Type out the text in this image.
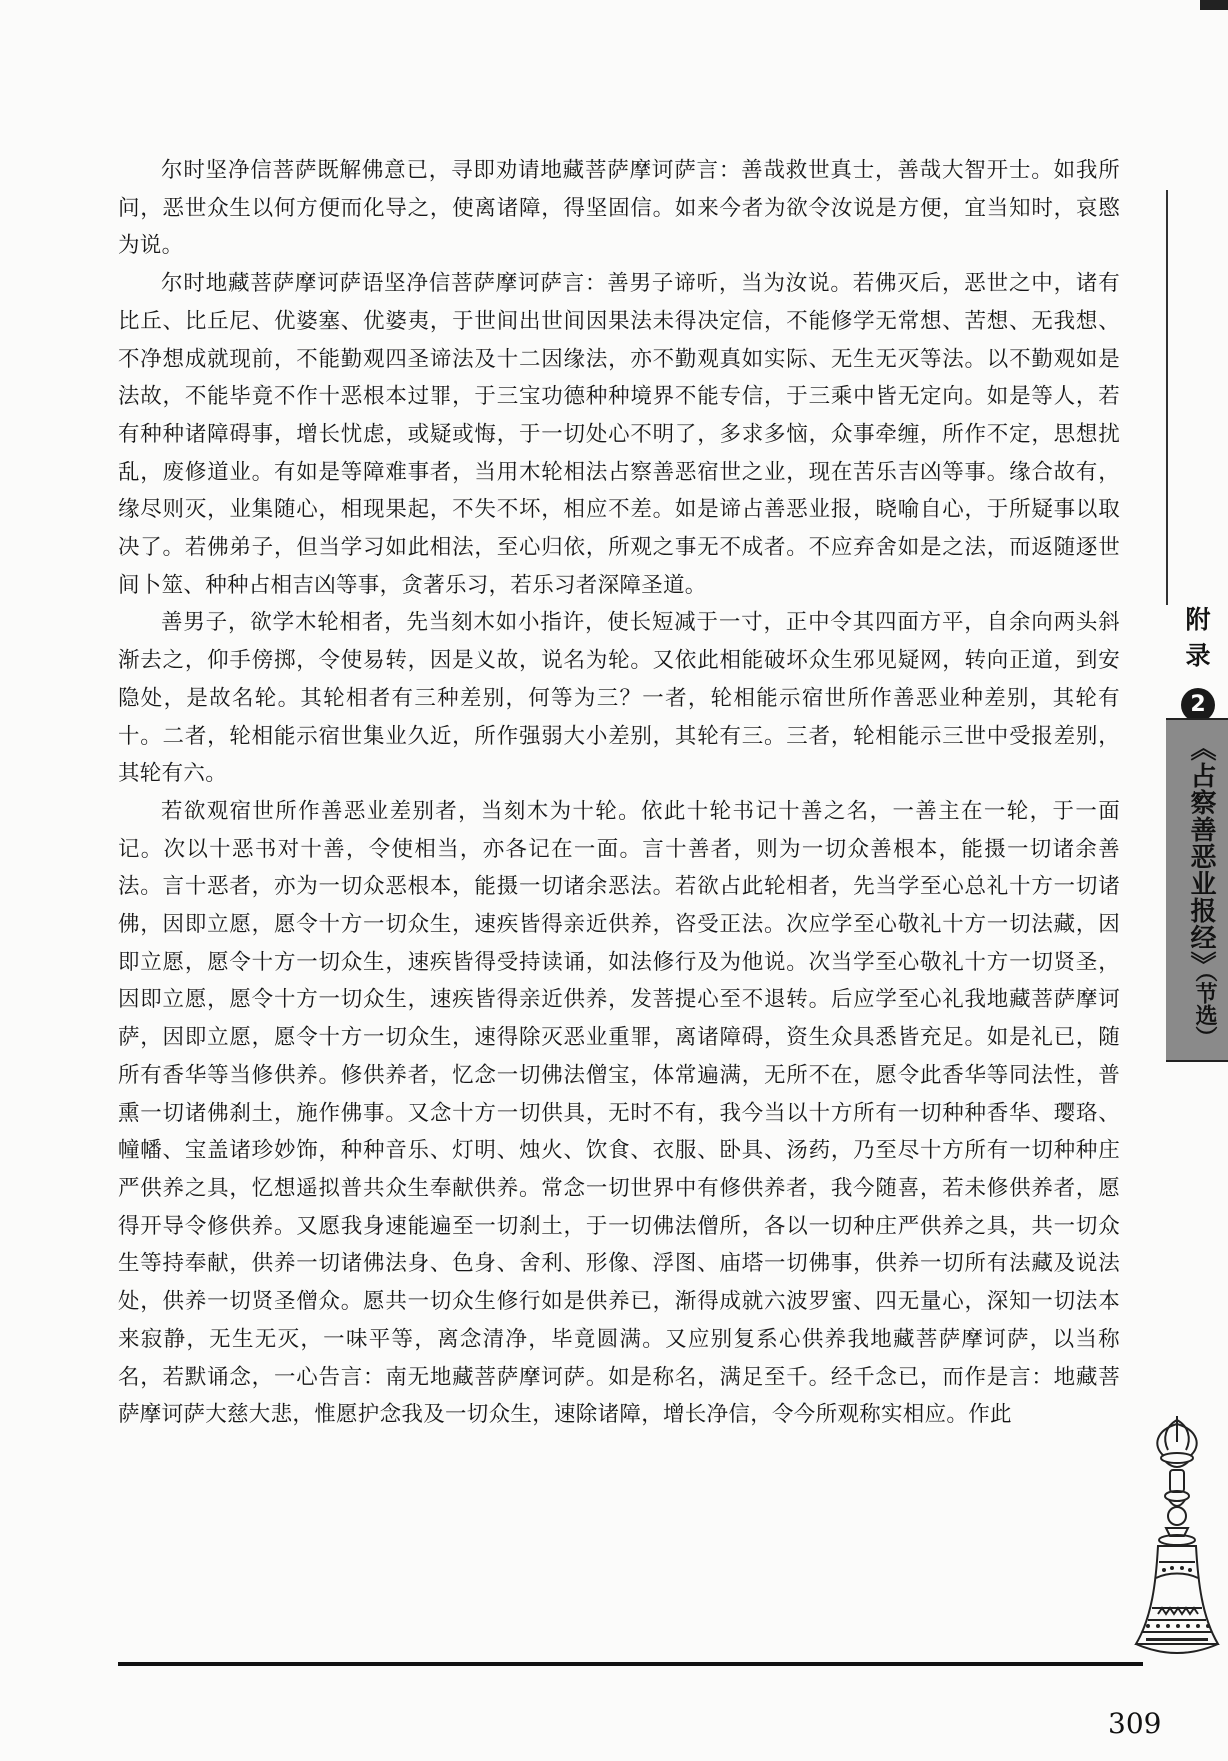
尔时坚净信菩萨既解佛意已，寻即劝请地藏菩萨摩诃萨言：善哉救世真士，善哉大智开士。如我所问，恶世众生以何方便而化导之，使离诸障，得坚固信。如来今者为欲令汝说是方便，宜当知时，哀愍为说。

尔时地藏菩萨摩诃萨语坚净信菩萨摩诃萨言：善男子谛听，当为汝说。若佛灭后，恶世之中，诸有比丘、比丘尼、优婆塞、优婆夷，于世间出世间因果法未得决定信，不能修学无常想、苦想、无我想、不净想成就现前，不能勤观四圣谛法及十二因缘法，亦不勤观真如实际、无生无灭等法。以不勤观如是法故，不能毕竟不作十恶根本过罪，于三宝功德种种境界不能专信，于三乘中皆无定向。如是等人，若有种种诸障碍事，增长忧虑，或疑或悔，于一切处心不明了，多求多恼，众事牵缠，所作不定，思想扰乱，废修道业。有如是等障难事者，当用木轮相法占察善恶宿世之业，现在苦乐吉凶等事。缘合故有，缘尽则灭，业集随心，相现果起，不失不坏，相应不差。如是谛占善恶业报，晓喻自心，于所疑事以取决了。若佛弟子，但当学习如此相法，至心归依，所观之事无不成者。不应弃舍如是之法，而返随逐世间卜筮、种种占相吉凶等事，贪著乐习，若乐习者深障圣道。

善男子，欲学木轮相者，先当刻木如小指许，使长短减于一寸，正中令其四面方平，自余向两头斜渐去之，仰手傍掷，令使易转，因是义故，说名为轮。又依此相能破坏众生邪见疑网，转向正道，到安隐处，是故名轮。其轮相者有三种差别，何等为三？一者，轮相能示宿世所作善恶业种差别，其轮有十。二者，轮相能示宿世集业久近，所作强弱大小差别，其轮有三。三者，轮相能示三世中受报差别，其轮有六。

若欲观宿世所作善恶业差别者，当刻木为十轮。依此十轮书记十善之名，一善主在一轮，于一面记。次以十恶书对十善，令使相当，亦各记在一面。言十善者，则为一切众善根本，能摄一切诸余善法。言十恶者，亦为一切众恶根本，能摄一切诸余恶法。若欲占此轮相者，先当学至心总礼十方一切诸佛，因即立愿，愿令十方一切众生，速疾皆得亲近供养，咨受正法。次应学至心敬礼十方一切法藏，因即立愿，愿令十方一切众生，速疾皆得受持读诵，如法修行及为他说。次当学至心敬礼十方一切贤圣，因即立愿，愿令十方一切众生，速疾皆得亲近供养，发菩提心至不退转。后应学至心礼我地藏菩萨摩诃萨，因即立愿，愿令十方一切众生，速得除灭恶业重罪，离诸障碍，资生众具悉皆充足。如是礼已，随所有香华等当修供养。修供养者，忆念一切佛法僧宝，体常遍满，无所不在，愿令此香华等同法性，普熏一切诸佛刹土，施作佛事。又念十方一切供具，无时不有，我今当以十方所有一切种种香华、璎珞、幢幡、宝盖诸珍妙饰，种种音乐、灯明、烛火、饮食、衣服、卧具、汤药，乃至尽十方所有一切种种庄严供养之具，忆想遥拟普共众生奉献供养。常念一切世界中有修供养者，我今随喜，若未修供养者，愿得开导令修供养。又愿我身速能遍至一切刹土，于一切佛法僧所，各以一切种庄严供养之具，共一切众生等持奉献，供养一切诸佛法身、色身、舍利、形像、浮图、庙塔一切佛事，供养一切所有法藏及说法处，供养一切贤圣僧众。愿共一切众生修行如是供养已，渐得成就六波罗蜜、四无量心，深知一切法本来寂静，无生无灭，一味平等，离念清净，毕竟圆满。又应别复系心供养我地藏菩萨摩诃萨，以当称名，若默诵念，一心告言：南无地藏菩萨摩诃萨。如是称名，满足至千。经千念已，而作是言：地藏菩萨摩诃萨大慈大悲，惟愿护念我及一切众生，速除诸障，增长净信，令今所观称实相应。作此

附录
2
《占察善恶业报经》
（节选）
309
